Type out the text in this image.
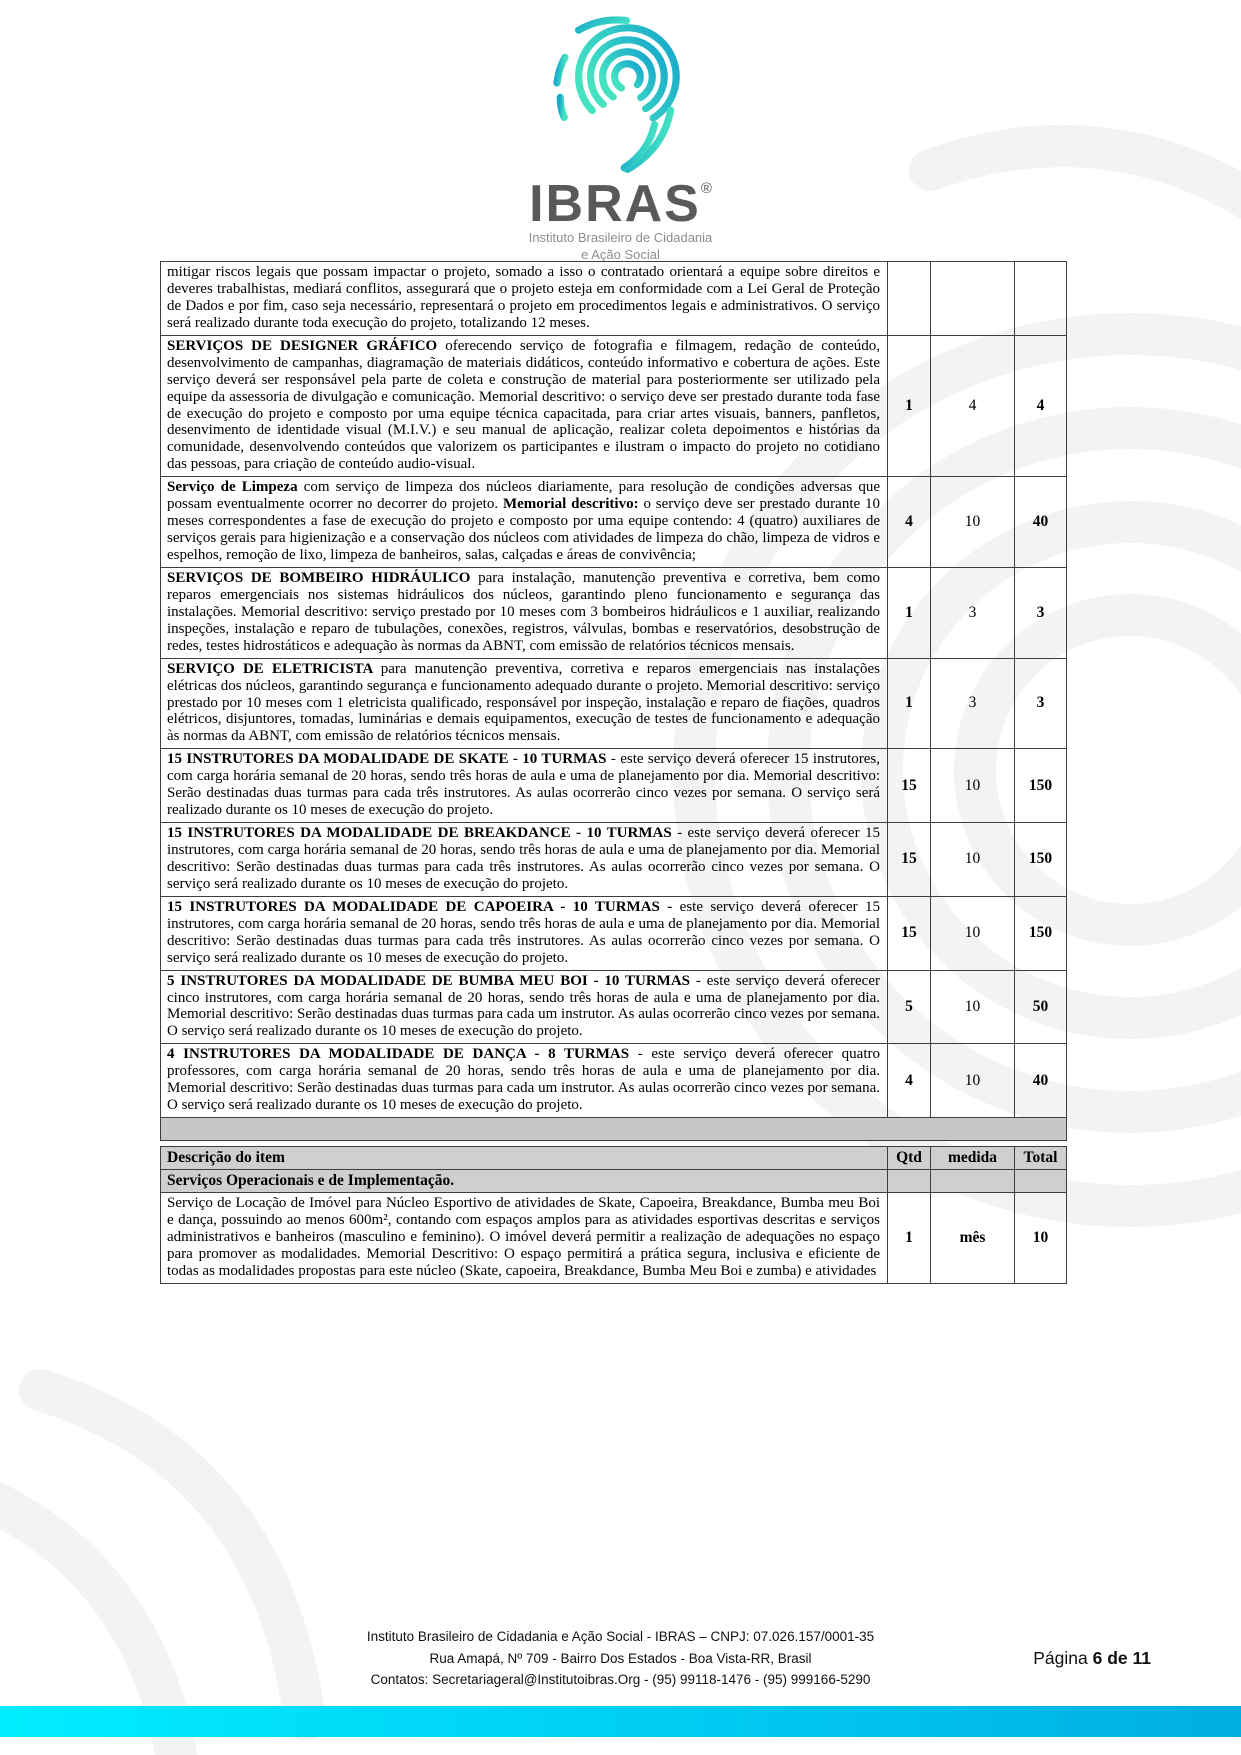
IBRAS®
Instituto Brasileiro de Cidadania
e Ação Social
mitigar riscos legais que possam impactar o projeto, somado a isso o contratado orientará a equipe sobre direitos e deveres trabalhistas, mediará conflitos, assegurará que o projeto esteja em conformidade com a Lei Geral de Proteção de Dados e por fim, caso seja necessário, representará o projeto em procedimentos legais e administrativos. O serviço será realizado durante toda execução do projeto, totalizando 12 meses.			
SERVIÇOS DE DESIGNER GRÁFICO oferecendo serviço de fotografia e filmagem, redação de conteúdo, desenvolvimento de campanhas, diagramação de materiais didáticos, conteúdo informativo e cobertura de ações. Este serviço deverá ser responsável pela parte de coleta e construção de material para posteriormente ser utilizado pela equipe da assessoria de divulgação e comunicação. Memorial descritivo: o serviço deve ser prestado durante toda fase de execução do projeto e composto por uma equipe técnica capacitada, para criar artes visuais, banners, panfletos, desenvimento de identidade visual (M.I.V.) e seu manual de aplicação, realizar coleta depoimentos e histórias da comunidade, desenvolvendo conteúdos que valorizem os participantes e ilustram o impacto do projeto no cotidiano das pessoas, para criação de conteúdo audio-visual.	1	4	4
Serviço de Limpeza com serviço de limpeza dos núcleos diariamente, para resolução de condições adversas que possam eventualmente ocorrer no decorrer do projeto. Memorial descritivo: o serviço deve ser prestado durante 10 meses correspondentes a fase de execução do projeto e composto por uma equipe contendo: 4 (quatro) auxiliares de serviços gerais para higienização e a conservação dos núcleos com atividades de limpeza do chão, limpeza de vidros e espelhos, remoção de lixo, limpeza de banheiros, salas, calçadas e áreas de convivência;	4	10	40
SERVIÇOS DE BOMBEIRO HIDRÁULICO para instalação, manutenção preventiva e corretiva, bem como reparos emergenciais nos sistemas hidráulicos dos núcleos, garantindo pleno funcionamento e segurança das instalações. Memorial descritivo: serviço prestado por 10 meses com 3 bombeiros hidráulicos e 1 auxiliar, realizando inspeções, instalação e reparo de tubulações, conexões, registros, válvulas, bombas e reservatórios, desobstrução de redes, testes hidrostáticos e adequação às normas da ABNT, com emissão de relatórios técnicos mensais.	1	3	3
SERVIÇO DE ELETRICISTA para manutenção preventiva, corretiva e reparos emergenciais nas instalações elétricas dos núcleos, garantindo segurança e funcionamento adequado durante o projeto. Memorial descritivo: serviço prestado por 10 meses com 1 eletricista qualificado, responsável por inspeção, instalação e reparo de fiações, quadros elétricos, disjuntores, tomadas, luminárias e demais equipamentos, execução de testes de funcionamento e adequação às normas da ABNT, com emissão de relatórios técnicos mensais.	1	3	3
15 INSTRUTORES DA MODALIDADE DE SKATE - 10 TURMAS - este serviço deverá oferecer 15 instrutores, com carga horária semanal de 20 horas, sendo três horas de aula e uma de planejamento por dia. Memorial descritivo: Serão destinadas duas turmas para cada três instrutores. As aulas ocorrerão cinco vezes por semana. O serviço será realizado durante os 10 meses de execução do projeto.	15	10	150
15 INSTRUTORES DA MODALIDADE DE BREAKDANCE - 10 TURMAS - este serviço deverá oferecer 15 instrutores, com carga horária semanal de 20 horas, sendo três horas de aula e uma de planejamento por dia. Memorial descritivo: Serão destinadas duas turmas para cada três instrutores. As aulas ocorrerão cinco vezes por semana. O serviço será realizado durante os 10 meses de execução do projeto.	15	10	150
15 INSTRUTORES DA MODALIDADE DE CAPOEIRA - 10 TURMAS - este serviço deverá oferecer 15 instrutores, com carga horária semanal de 20 horas, sendo três horas de aula e uma de planejamento por dia. Memorial descritivo: Serão destinadas duas turmas para cada três instrutores. As aulas ocorrerão cinco vezes por semana. O serviço será realizado durante os 10 meses de execução do projeto.	15	10	150
5 INSTRUTORES DA MODALIDADE DE BUMBA MEU BOI - 10 TURMAS - este serviço deverá oferecer cinco instrutores, com carga horária semanal de 20 horas, sendo três horas de aula e uma de planejamento por dia. Memorial descritivo: Serão destinadas duas turmas para cada um instrutor. As aulas ocorrerão cinco vezes por semana. O serviço será realizado durante os 10 meses de execução do projeto.	5	10	50
4 INSTRUTORES DA MODALIDADE DE DANÇA - 8 TURMAS - este serviço deverá oferecer quatro professores, com carga horária semanal de 20 horas, sendo três horas de aula e uma de planejamento por dia. Memorial descritivo: Serão destinadas duas turmas para cada um instrutor. As aulas ocorrerão cinco vezes por semana. O serviço será realizado durante os 10 meses de execução do projeto.	4	10	40

Descrição do item	Qtd	medida	Total
Serviços Operacionais e de Implementação.			
Serviço de Locação de Imóvel para Núcleo Esportivo de atividades de Skate, Capoeira, Breakdance, Bumba meu Boi e dança, possuindo ao menos 600m², contando com espaços amplos para as atividades esportivas descritas e serviços administrativos e banheiros (masculino e feminino). O imóvel deverá permitir a realização de adequações no espaço para promover as modalidades. Memorial Descritivo: O espaço permitirá a prática segura, inclusiva e eficiente de todas as modalidades propostas para este núcleo (Skate, capoeira, Breakdance, Bumba Meu Boi e zumba) e atividades	1	mês	10
Instituto Brasileiro de Cidadania e Ação Social - IBRAS – CNPJ: 07.026.157/0001-35
Rua Amapá, Nº 709 - Bairro Dos Estados - Boa Vista-RR, Brasil
Contatos: Secretariageral@Institutoibras.Org - (95) 99118-1476 - (95) 999166-5290
Página 6 de 11
